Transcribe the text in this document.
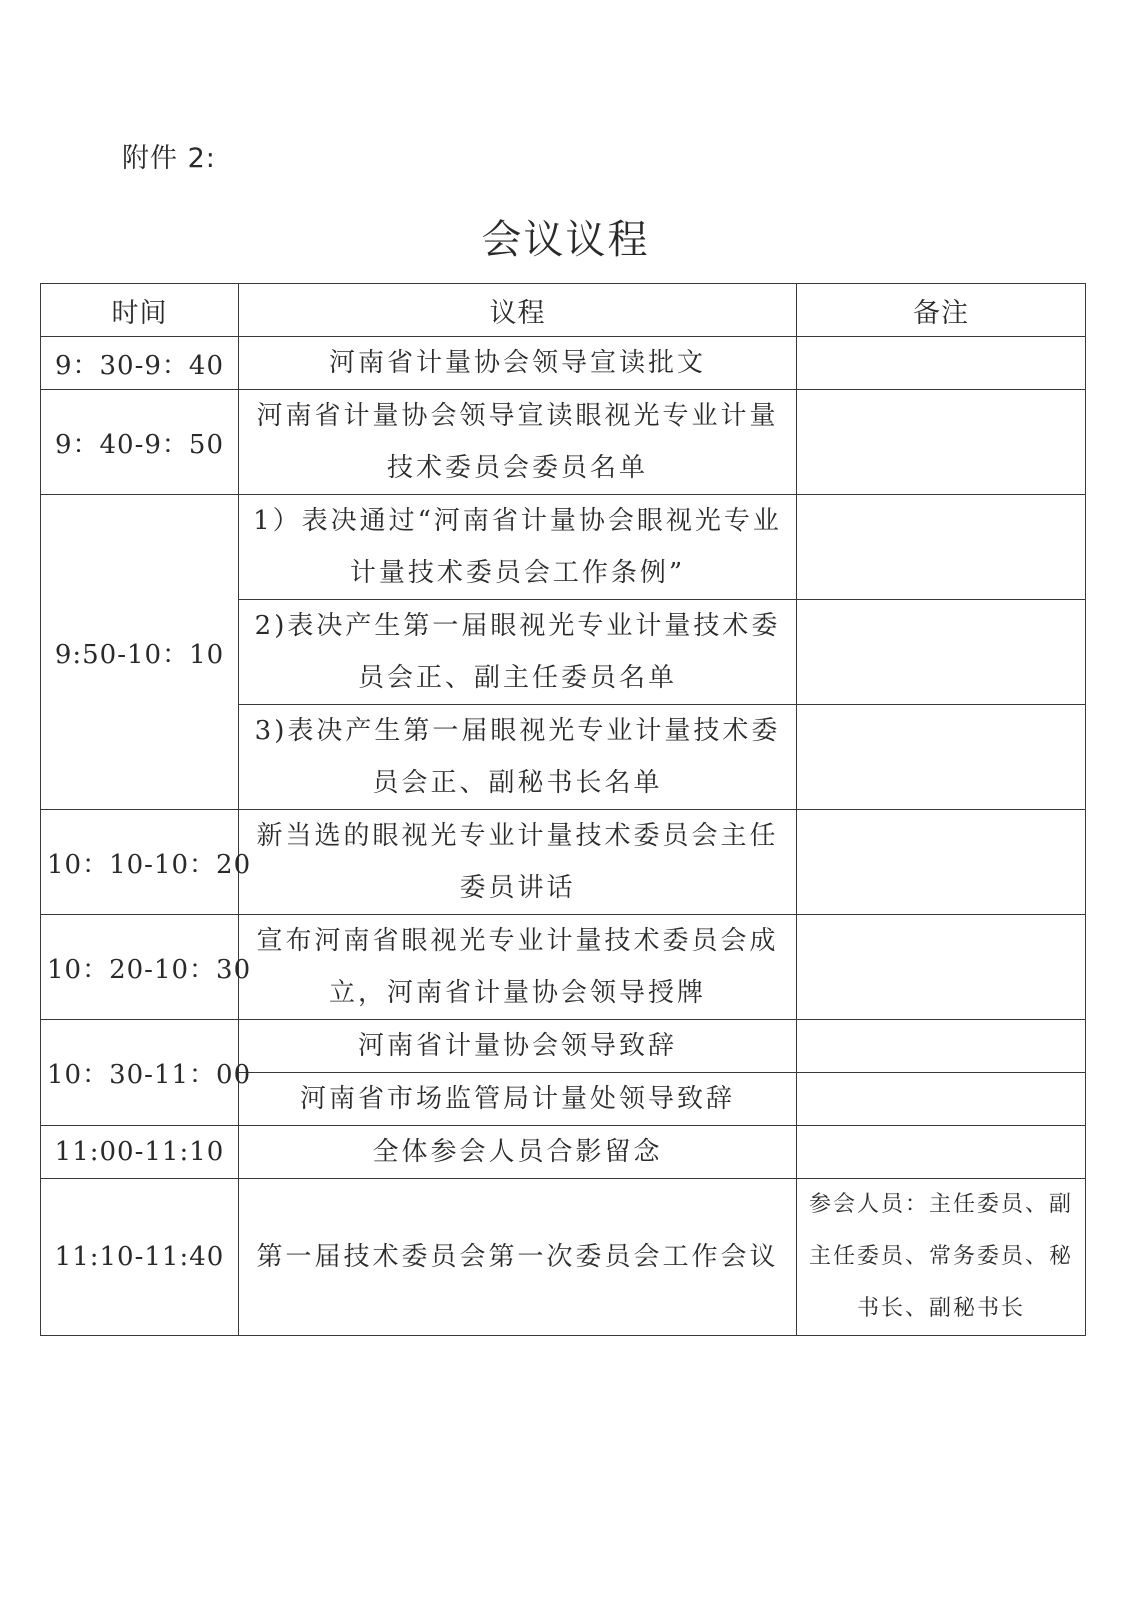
附件 2:
会议议程
时间	议程	备注
9：30-9：40	河南省计量协会领导宣读批文	
9：40-9：50	河南省计量协会领导宣读眼视光专业计量技术委员会委员名单	
9:50-10：10	1）表决通过“河南省计量协会眼视光专业计量技术委员会工作条例”	
	2)表决产生第一届眼视光专业计量技术委员会正、副主任委员名单	
	3)表决产生第一届眼视光专业计量技术委员会正、副秘书长名单	
10：10-10：20	新当选的眼视光专业计量技术委员会主任委员讲话	
10：20-10：30	宣布河南省眼视光专业计量技术委员会成立，河南省计量协会领导授牌	
10：30-11：00	河南省计量协会领导致辞	
	河南省市场监管局计量处领导致辞	
11:00-11:10	全体参会人员合影留念	
11:10-11:40	第一届技术委员会第一次委员会工作会议	参会人员：主任委员、副主任委员、常务委员、秘书长、副秘书长
